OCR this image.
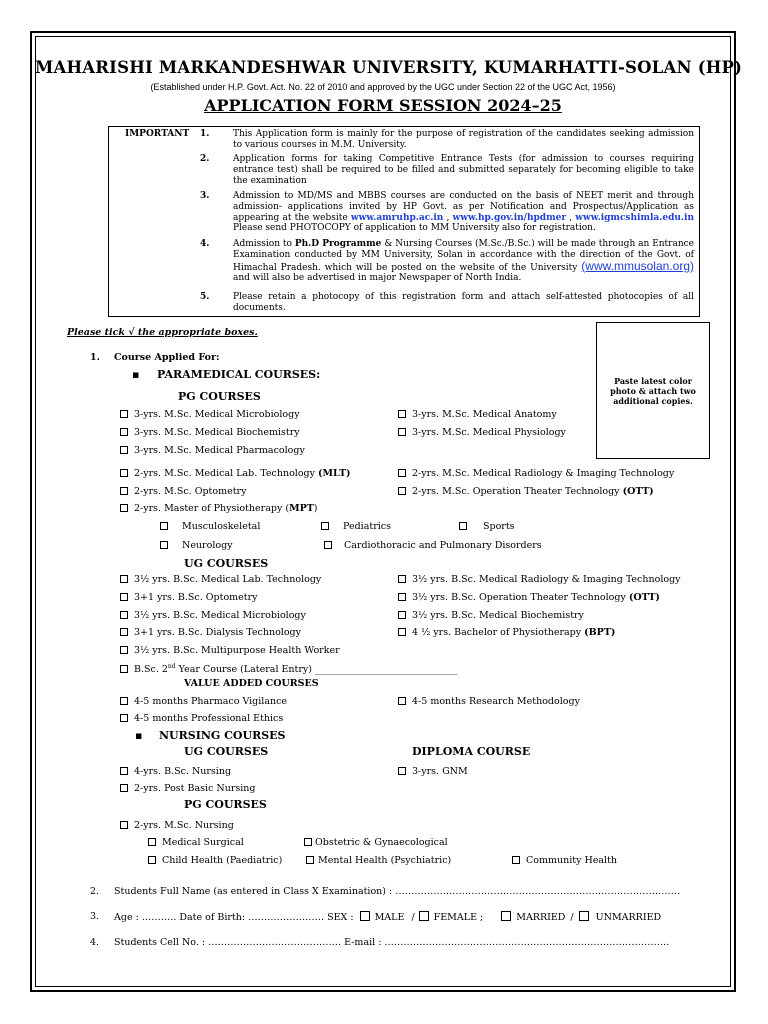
MAHARISHI MARKANDESHWAR UNIVERSITY, KUMARHATTI-SOLAN (HP)
(Established under H.P. Govt. Act. No. 22 of 2010 and approved by the UGC under Section 22 of the UGC Act, 1956)
APPLICATION FORM SESSION 2024–25
IMPORTANT 1.	This Application form is mainly for the purpose of registration of the candidates seeking admission to various courses in M.M. University.
2.	Application forms for taking Competitive Entrance Tests (for admission to courses requiring entrance test) shall be required to be filled and submitted separately for becoming eligible to take the examination
3.	Admission to MD/MS and MBBS courses are conducted on the basis of NEET merit and through admission- applications invited by HP Govt. as per Notification and Prospectus/Application as appearing at the website www.amruhp.ac.in , www.hp.gov.in/hpdmer , www.igmcshimla.edu.in Please send PHOTOCOPY of application to MM University also for registration.
4.	Admission to Ph.D Programme & Nursing Courses (M.Sc./B.Sc.) will be made through an Entrance Examination conducted by MM University, Solan in accordance with the direction of the Govt. of Himachal Pradesh. which will be posted on the website of the University (www.mmusolan.org) and will also be advertised in major Newspaper of North India.
5.	Please retain a photocopy of this registration form and attach self-attested photocopies of all documents.
Please tick √ the appropriate boxes.
Paste latest color photo & attach two additional copies.
1. Course Applied For:
▪ PARAMEDICAL COURSES:
PG COURSES
3-yrs. M.Sc. Medical Microbiology	3-yrs. M.Sc. Medical Anatomy
3-yrs. M.Sc. Medical Biochemistry	3-yrs. M.Sc. Medical Physiology
3-yrs. M.Sc. Medical Pharmacology
2-yrs. M.Sc. Medical Lab. Technology (MLT)	2-yrs. M.Sc. Medical Radiology & Imaging Technology
2-yrs. M.Sc. Optometry	2-yrs. M.Sc. Operation Theater Technology (OTT)
2-yrs. Master of Physiotherapy (MPT)
Musculoskeletal	Pediatrics	Sports
Neurology	Cardiothoracic and Pulmonary Disorders
UG COURSES
3½ yrs. B.Sc. Medical Lab. Technology	3½ yrs. B.Sc. Medical Radiology & Imaging Technology
3+1 yrs. B.Sc. Optometry	3½ yrs. B.Sc. Operation Theater Technology (OTT)
3½ yrs. B.Sc. Medical Microbiology	3½ yrs. B.Sc. Medical Biochemistry
3+1 yrs. B.Sc. Dialysis Technology	4 ½ yrs. Bachelor of Physiotherapy (BPT)
3½ yrs. B.Sc. Multipurpose Health Worker
B.Sc. 2nd Year Course (Lateral Entry) ______________________________
VALUE ADDED COURSES
4-5 months Pharmaco Vigilance	4-5 months Research Methodology
4-5 months Professional Ethics
▪ NURSING COURSES
UG COURSES	DIPLOMA COURSE
4-yrs. B.Sc. Nursing	3-yrs. GNM
2-yrs. Post Basic Nursing
PG COURSES
2-yrs. M.Sc. Nursing
Medical Surgical	Obstetric & Gynaecological
Child Health (Paediatric)	Mental Health (Psychiatric)	Community Health
2. Students Full Name (as entered in Class X Examination) : ………………………………………………………………………………
3. Age : ……….. Date of Birth: …………………… SEX : MALE / FEMALE ;	MARRIED / UNMARRIED
4. Students Cell No. : …………………………………… E-mail : ………………………………………………………………………………
